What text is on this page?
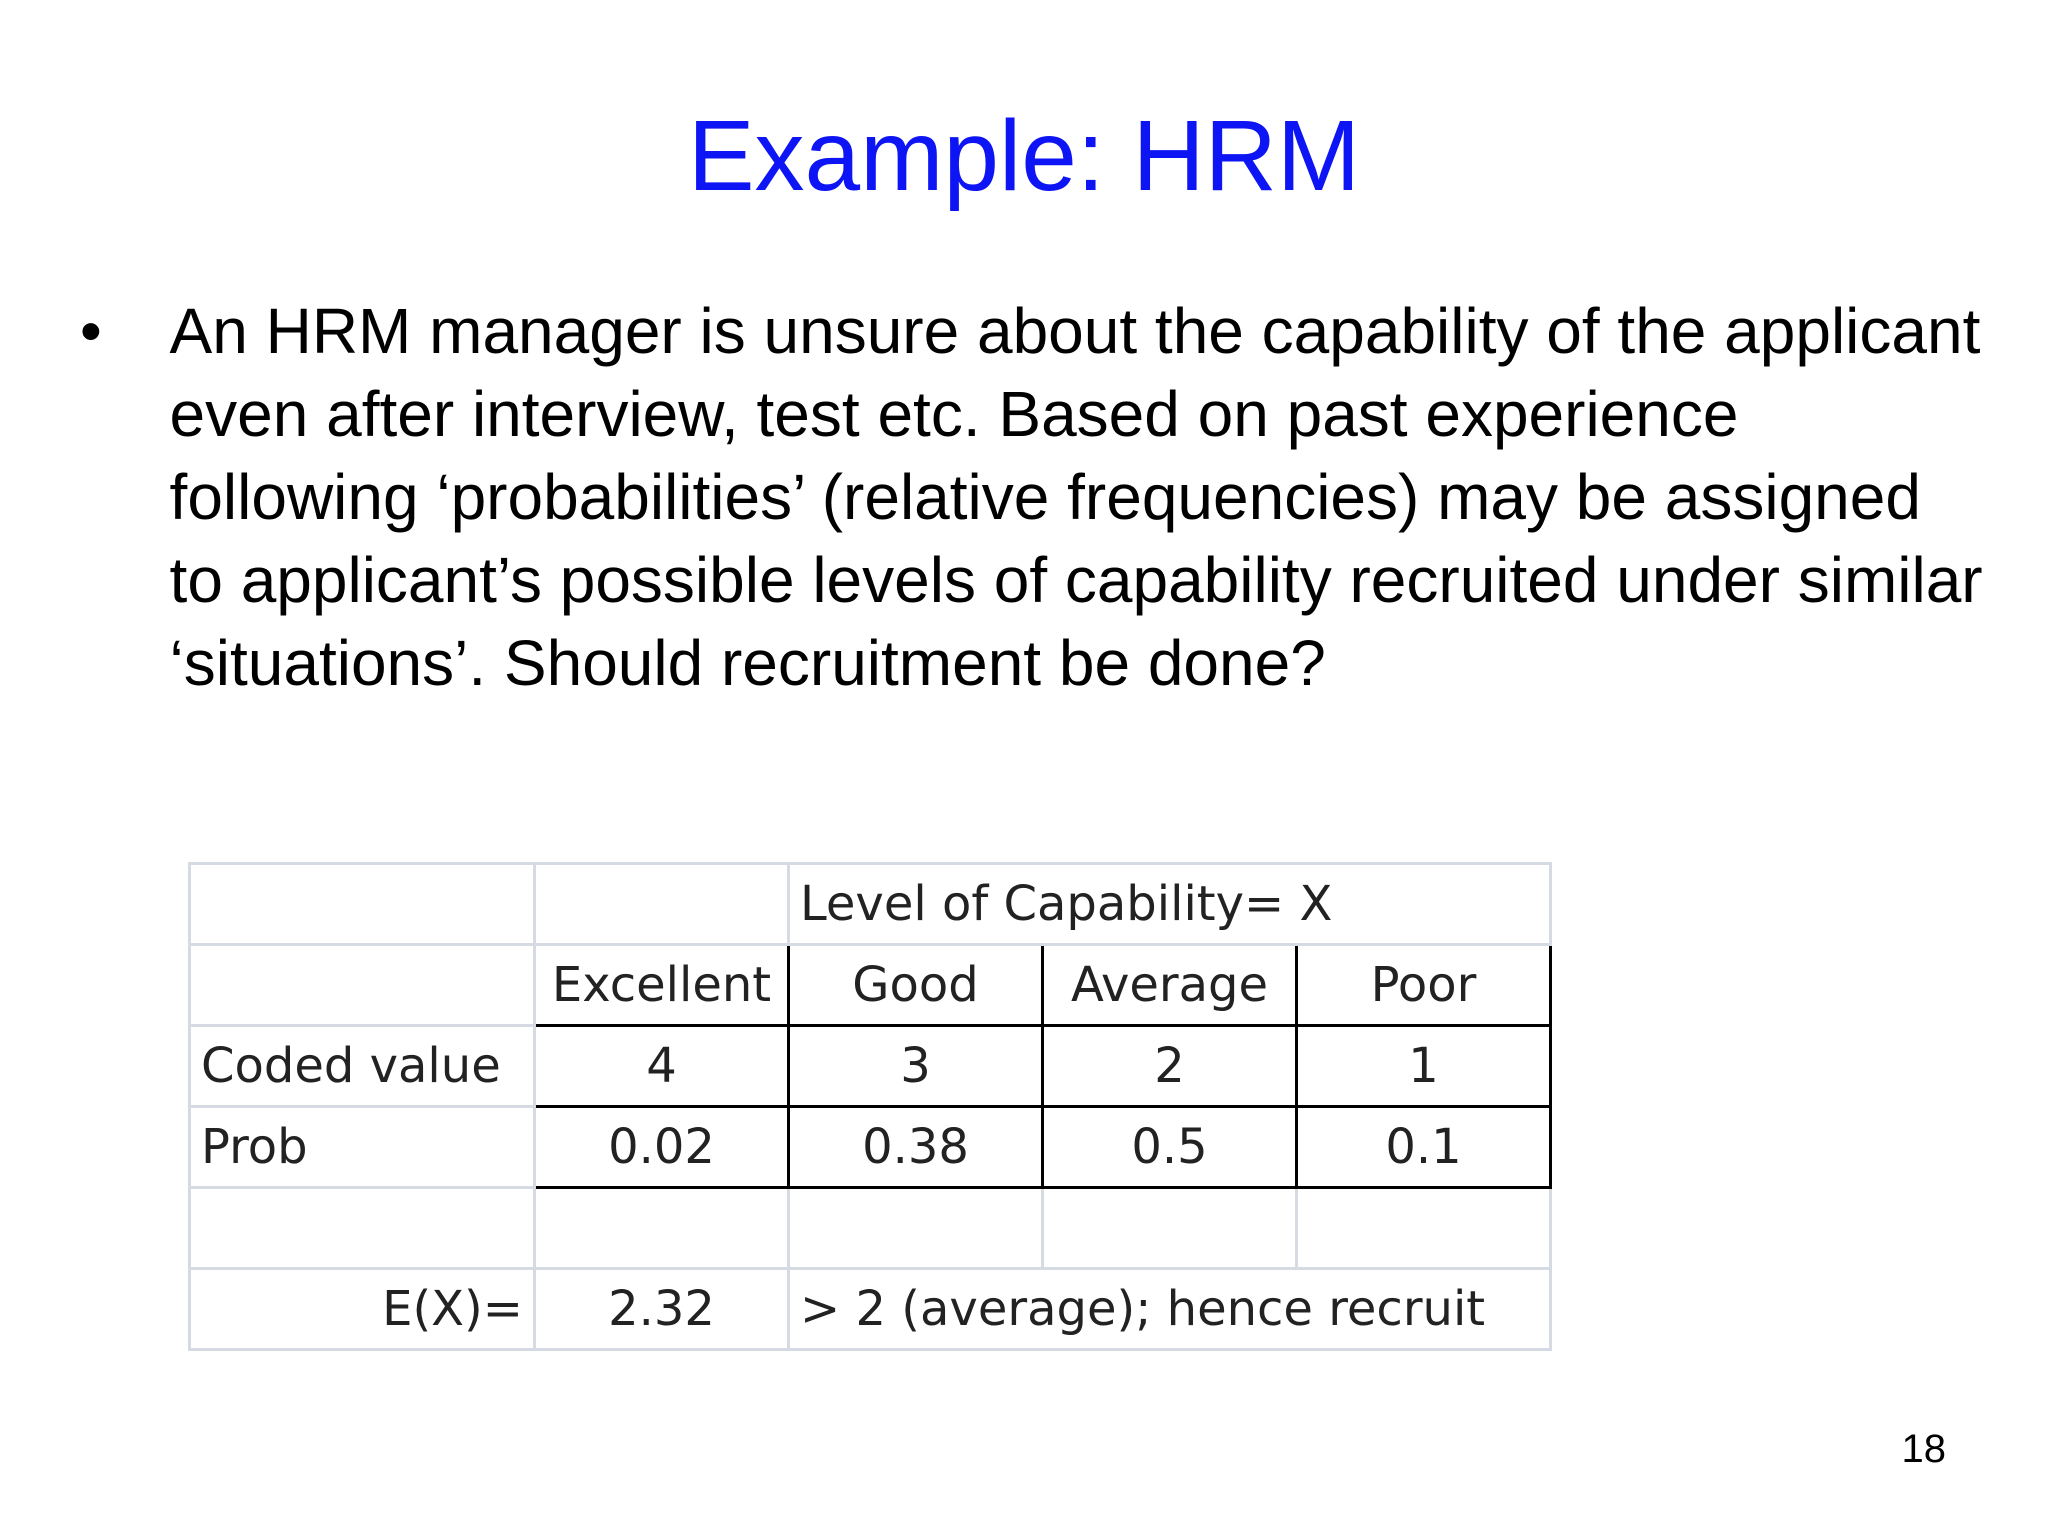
Example: HRM
•	An HRM manager is unsure about the capability of the applicant even after interview, test etc. Based on past experience following ‘probabilities’ (relative frequencies) may be assigned to applicant’s possible levels of capability recruited under similar ‘situations’. Should recruitment be done?
		Level of Capability= X		
	Excellent	Good	Average	Poor
Coded value	4	3	2	1
Prob	0.02	0.38	0.5	0.1

E(X)=	2.32	> 2 (average); hence recruit		
18
